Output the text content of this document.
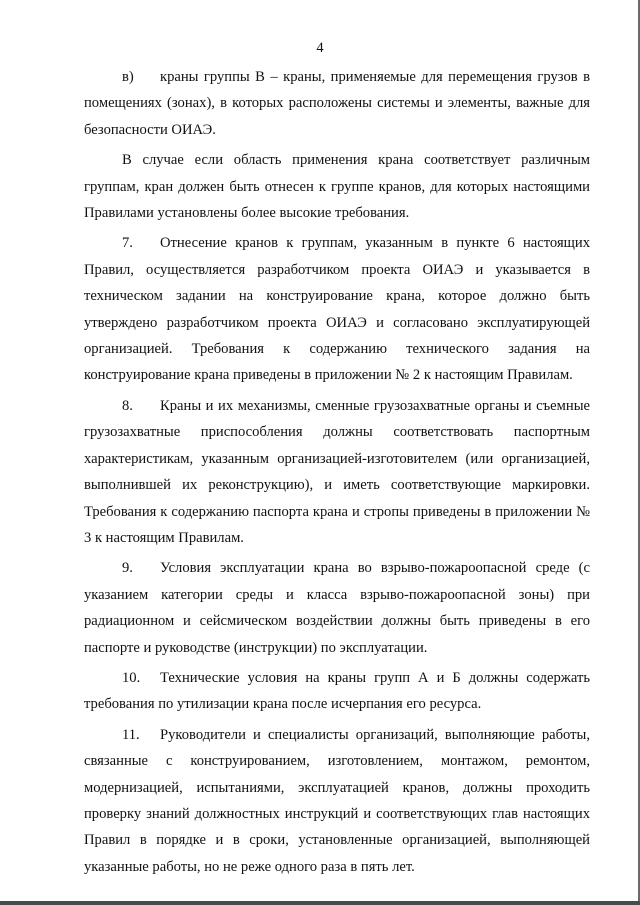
4

в) краны группы В – краны, применяемые для перемещения грузов в помещениях (зонах), в которых расположены системы и элементы, важные для безопасности ОИАЭ.

В случае если область применения крана соответствует различным группам, кран должен быть отнесен к группе кранов, для которых настоящими Правилами установлены более высокие требования.

7. Отнесение кранов к группам, указанным в пункте 6 настоящих Правил, осуществляется разработчиком проекта ОИАЭ и указывается в техническом задании на конструирование крана, которое должно быть утверждено разработчиком проекта ОИАЭ и согласовано эксплуатирующей организацией. Требования к содержанию технического задания на конструирование крана приведены в приложении № 2 к настоящим Правилам.

8. Краны и их механизмы, сменные грузозахватные органы и съемные грузозахватные приспособления должны соответствовать паспортным характеристикам, указанным организацией-изготовителем (или организацией, выполнившей их реконструкцию), и иметь соответствующие маркировки. Требования к содержанию паспорта крана и стропы приведены в приложении № 3 к настоящим Правилам.

9. Условия эксплуатации крана во взрыво-пожароопасной среде (с указанием категории среды и класса взрыво-пожароопасной зоны) при радиационном и сейсмическом воздействии должны быть приведены в его паспорте и руководстве (инструкции) по эксплуатации.

10. Технические условия на краны групп А и Б должны содержать требования по утилизации крана после исчерпания его ресурса.

11. Руководители и специалисты организаций, выполняющие работы, связанные с конструированием, изготовлением, монтажом, ремонтом, модернизацией, испытаниями, эксплуатацией кранов, должны проходить проверку знаний должностных инструкций и соответствующих глав настоящих Правил в порядке и в сроки, установленные организацией, выполняющей указанные работы, но не реже одного раза в пять лет.
